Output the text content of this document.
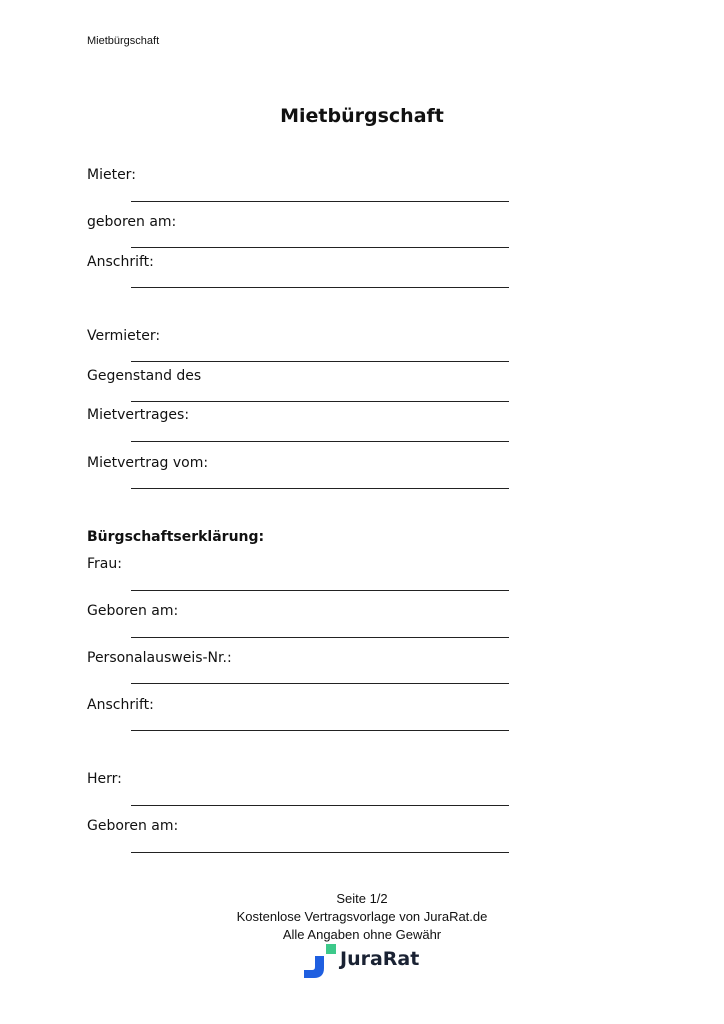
Mietbürgschaft
Mietbürgschaft
Mieter:
geboren am:
Anschrift:
Vermieter:
Gegenstand des
Mietvertrages:
Mietvertrag vom:
Bürgschaftserklärung:
Frau:
Geboren am:
Personalausweis-Nr.:
Anschrift:
Herr:
Geboren am:
Seite 1/2
Kostenlose Vertragsvorlage von JuraRat.de
Alle Angaben ohne Gewähr
JuraRat
